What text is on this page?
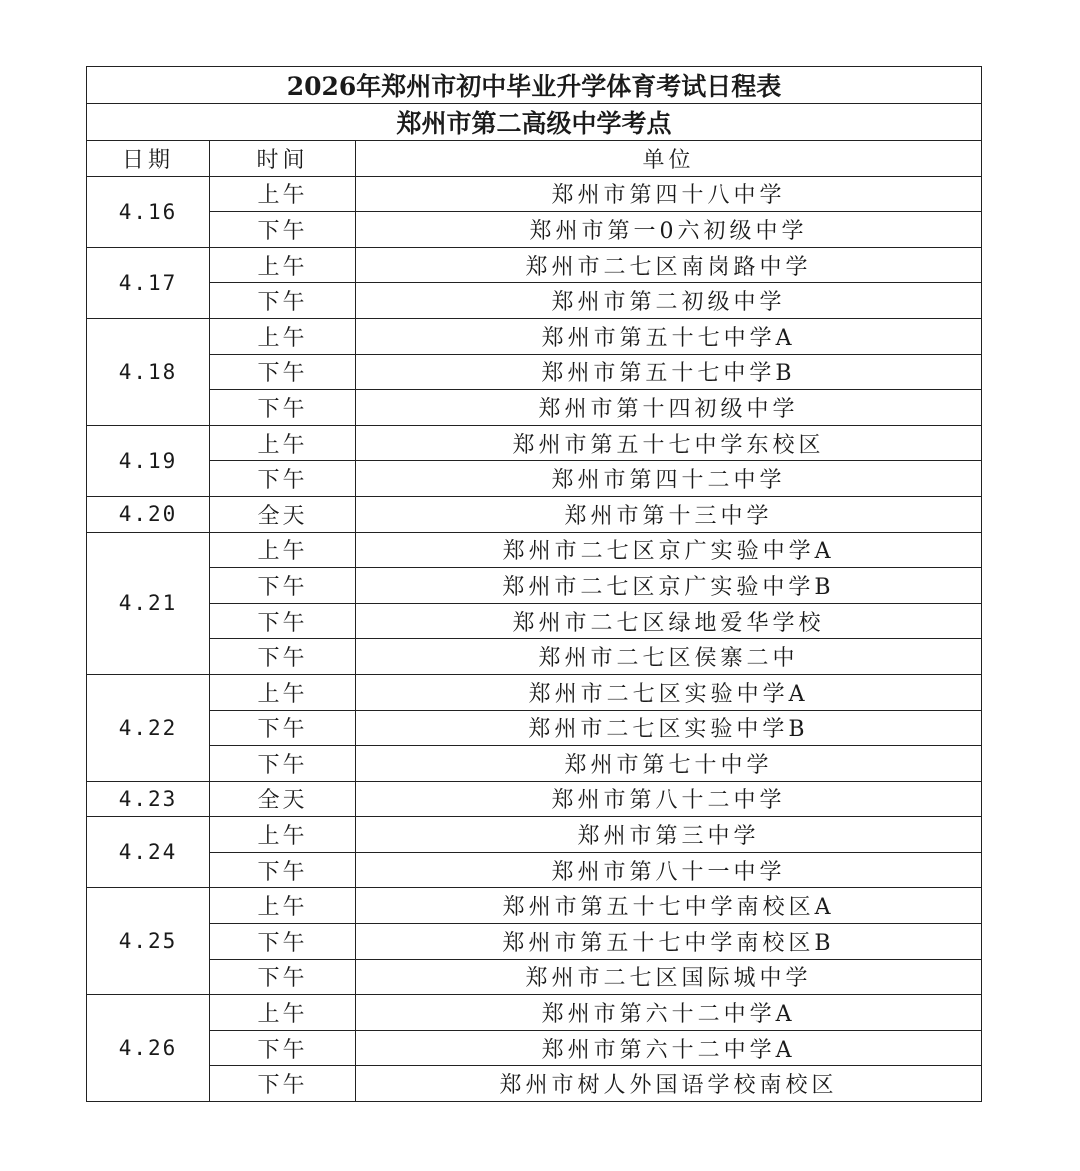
2026年郑州市初中毕业升学体育考试日程表		
郑州市第二高级中学考点		
日期	时间	单位
4.16	上午	郑州市第四十八中学
	下午	郑州市第一0六初级中学
4.17	上午	郑州市二七区南岗路中学
	下午	郑州市第二初级中学
4.18	上午	郑州市第五十七中学A
	下午	郑州市第五十七中学B
	下午	郑州市第十四初级中学
4.19	上午	郑州市第五十七中学东校区
	下午	郑州市第四十二中学
4.20	全天	郑州市第十三中学
4.21	上午	郑州市二七区京广实验中学A
	下午	郑州市二七区京广实验中学B
	下午	郑州市二七区绿地爱华学校
	下午	郑州市二七区侯寨二中
4.22	上午	郑州市二七区实验中学A
	下午	郑州市二七区实验中学B
	下午	郑州市第七十中学
4.23	全天	郑州市第八十二中学
4.24	上午	郑州市第三中学
	下午	郑州市第八十一中学
4.25	上午	郑州市第五十七中学南校区A
	下午	郑州市第五十七中学南校区B
	下午	郑州市二七区国际城中学
4.26	上午	郑州市第六十二中学A
	下午	郑州市第六十二中学A
	下午	郑州市树人外国语学校南校区
